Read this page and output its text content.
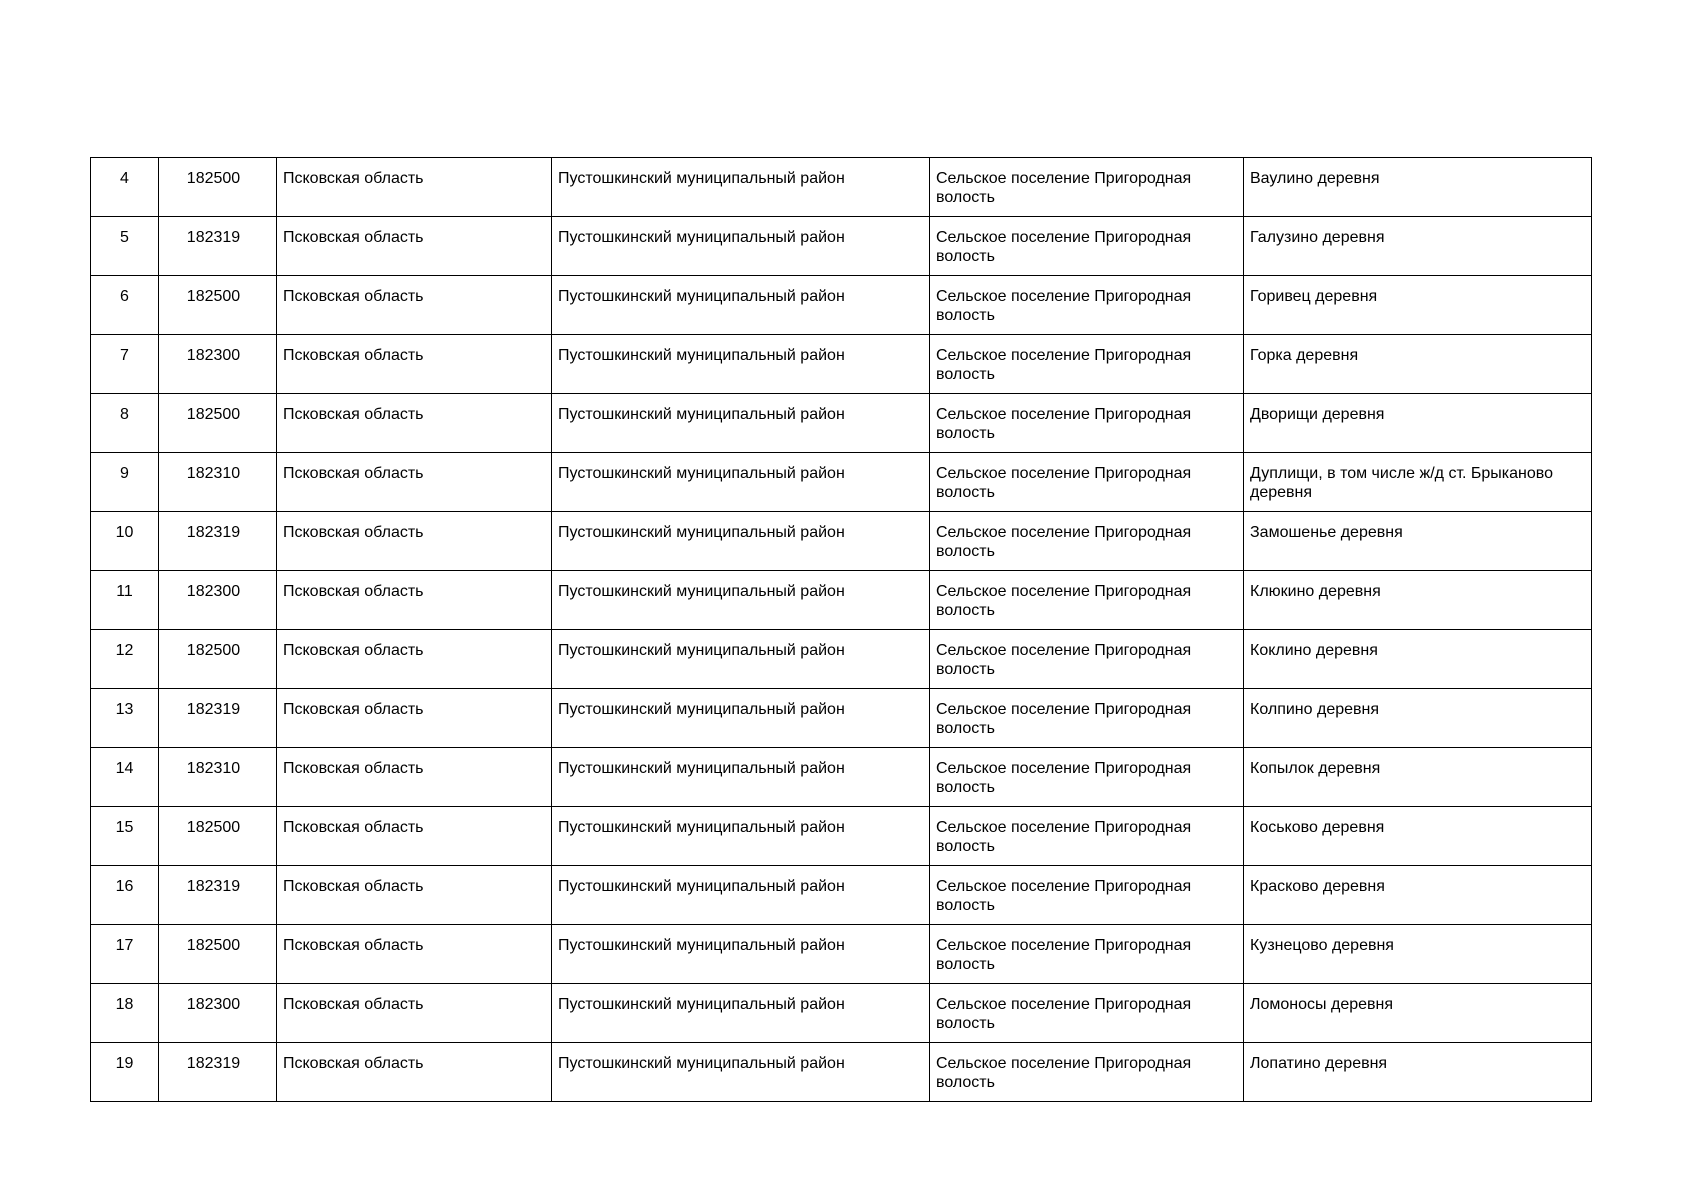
4	182500	Псковская область	Пустошкинский муниципальный район	Сельское поселение Пригородная волость	Ваулино деревня
5	182319	Псковская область	Пустошкинский муниципальный район	Сельское поселение Пригородная волость	Галузино деревня
6	182500	Псковская область	Пустошкинский муниципальный район	Сельское поселение Пригородная волость	Горивец деревня
7	182300	Псковская область	Пустошкинский муниципальный район	Сельское поселение Пригородная волость	Горка деревня
8	182500	Псковская область	Пустошкинский муниципальный район	Сельское поселение Пригородная волость	Дворищи деревня
9	182310	Псковская область	Пустошкинский муниципальный район	Сельское поселение Пригородная волость	Дуплищи, в том числе ж/д ст. Брыканово деревня
10	182319	Псковская область	Пустошкинский муниципальный район	Сельское поселение Пригородная волость	Замошенье деревня
11	182300	Псковская область	Пустошкинский муниципальный район	Сельское поселение Пригородная волость	Клюкино деревня
12	182500	Псковская область	Пустошкинский муниципальный район	Сельское поселение Пригородная волость	Коклино деревня
13	182319	Псковская область	Пустошкинский муниципальный район	Сельское поселение Пригородная волость	Колпино деревня
14	182310	Псковская область	Пустошкинский муниципальный район	Сельское поселение Пригородная волость	Копылок деревня
15	182500	Псковская область	Пустошкинский муниципальный район	Сельское поселение Пригородная волость	Коськово деревня
16	182319	Псковская область	Пустошкинский муниципальный район	Сельское поселение Пригородная волость	Красково деревня
17	182500	Псковская область	Пустошкинский муниципальный район	Сельское поселение Пригородная волость	Кузнецово деревня
18	182300	Псковская область	Пустошкинский муниципальный район	Сельское поселение Пригородная волость	Ломоносы деревня
19	182319	Псковская область	Пустошкинский муниципальный район	Сельское поселение Пригородная волость	Лопатино деревня
